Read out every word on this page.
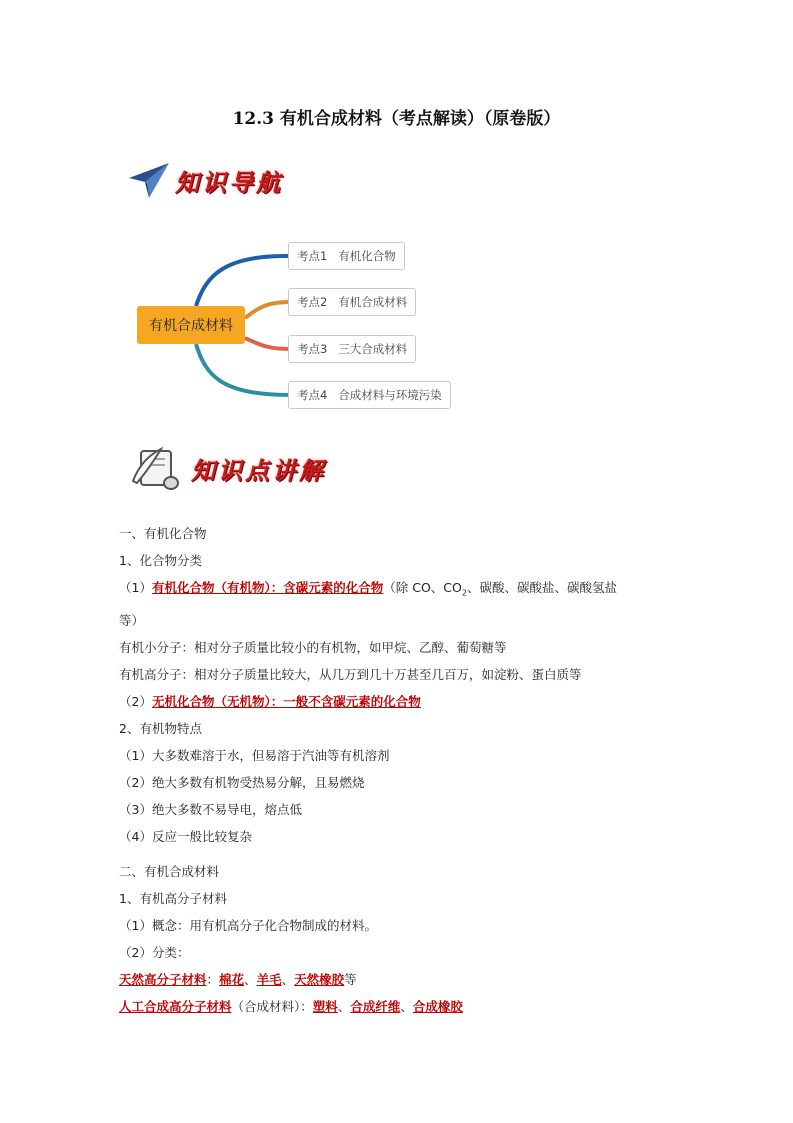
12.3 有机合成材料（考点解读）（原卷版）
知识导航
有机合成材料
考点1   有机化合物
考点2   有机合成材料
考点3   三大合成材料
考点4   合成材料与环境污染
知识点讲解
一、有机化合物
1、化合物分类
（1）有机化合物（有机物）：含碳元素的化合物（除 CO、$CO_2$、碳酸、碳酸盐、碳酸氢盐
等）
有机小分子：相对分子质量比较小的有机物，如甲烷、乙醇、葡萄糖等
有机高分子：相对分子质量比较大，从几万到几十万甚至几百万，如淀粉、蛋白质等
（2）无机化合物（无机物）：一般不含碳元素的化合物
2、有机物特点
（1）大多数难溶于水，但易溶于汽油等有机溶剂
（2）绝大多数有机物受热易分解，且易燃烧
（3）绝大多数不易导电，熔点低
（4）反应一般比较复杂
二、有机合成材料
1、有机高分子材料
（1）概念：用有机高分子化合物制成的材料。
（2）分类：
天然高分子材料：棉花、羊毛、天然橡胶等
人工合成高分子材料（合成材料）：塑料、合成纤维、合成橡胶
